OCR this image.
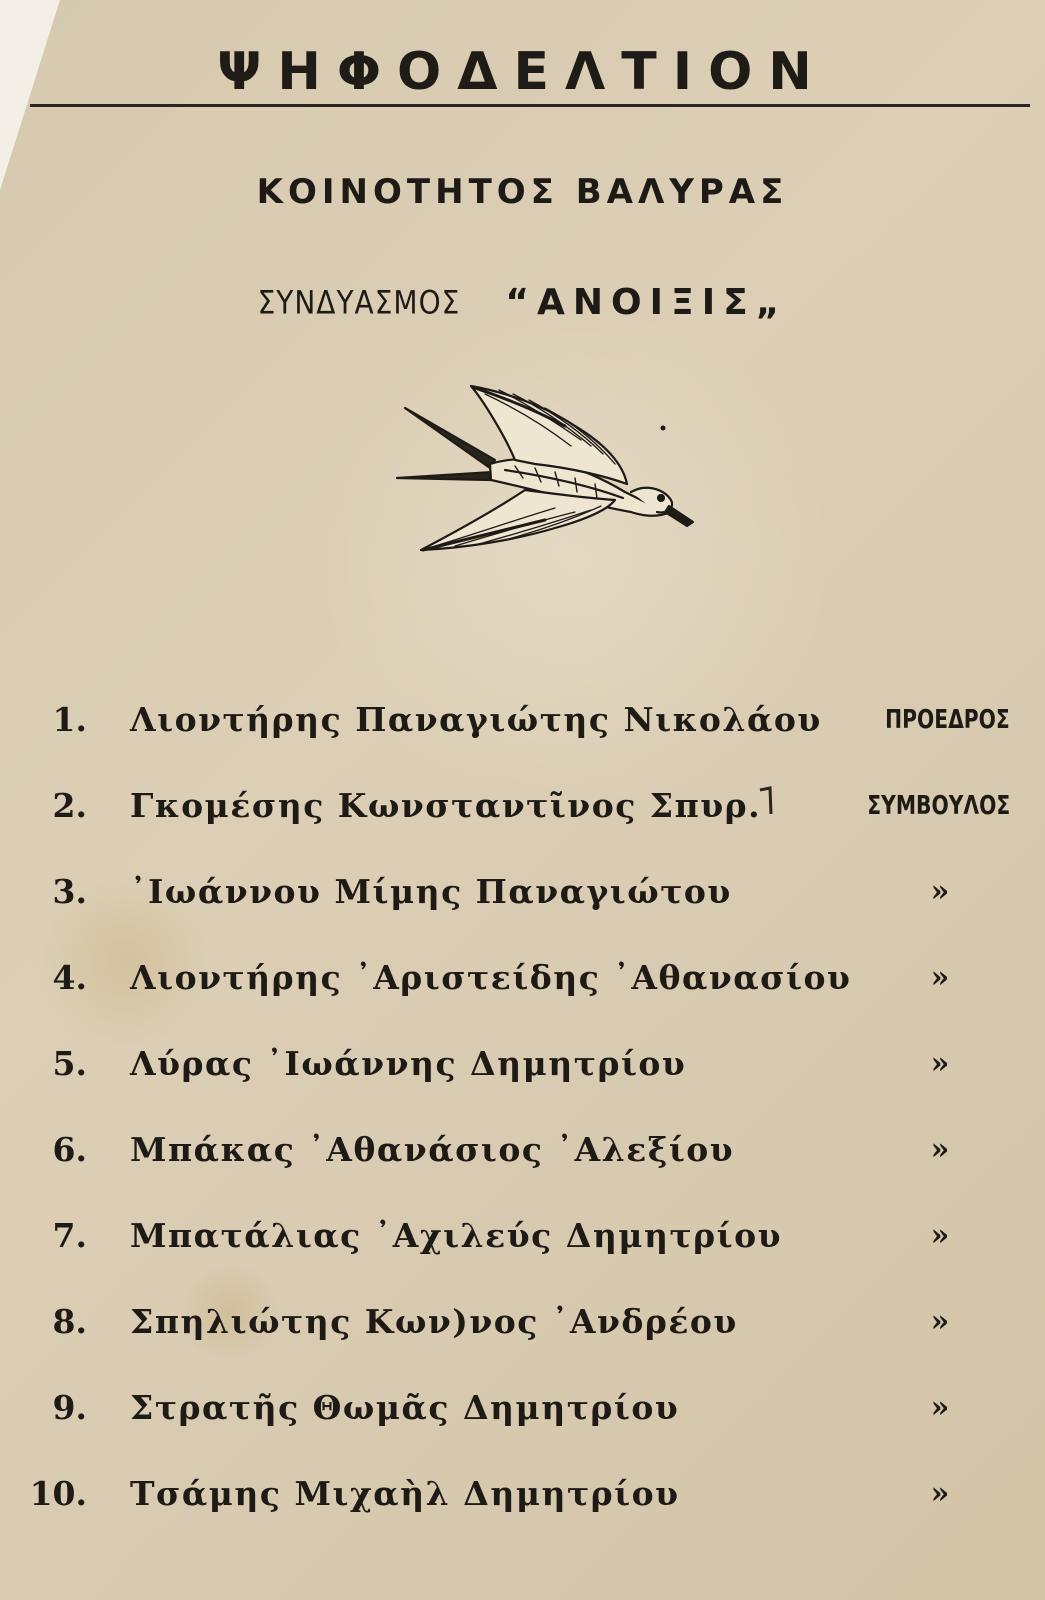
ΨΗΦΟΔΕΛΤΙΟΝ
ΚΟΙΝΟΤΗΤΟΣ ΒΑΛΥΡΑΣ
ΣΥΝΔΥΑΣΜΟΣ “ΑΝΟΙΞΙΣ„
1. Λιοντήρης Παναγιώτης Νικολάου ΠΡΟΕΔΡΟΣ
2. Γκομέσης Κωνσταντῖνος Σπυρ.	ΣΥΜΒΟΥΛΟΣ
3. ᾿Ιωάννου Μίμης Παναγιώτου	»
4. Λιοντήρης ᾿Αριστείδης ᾿Αθανασίου	»
5. Λύρας ᾿Ιωάννης Δημητρίου	»
6. Μπάκας ᾿Αθανάσιος ᾿Αλεξίου	»
7. Μπατάλιας ᾿Αχιλεύς Δημητρίου	»
8. Σπηλιώτης Κων)νος ᾿Ανδρέου	»
9. Στρατῆς Θωμᾶς Δημητρίου	»
10. Τσάμης Μιχαὴλ Δημητρίου	»
